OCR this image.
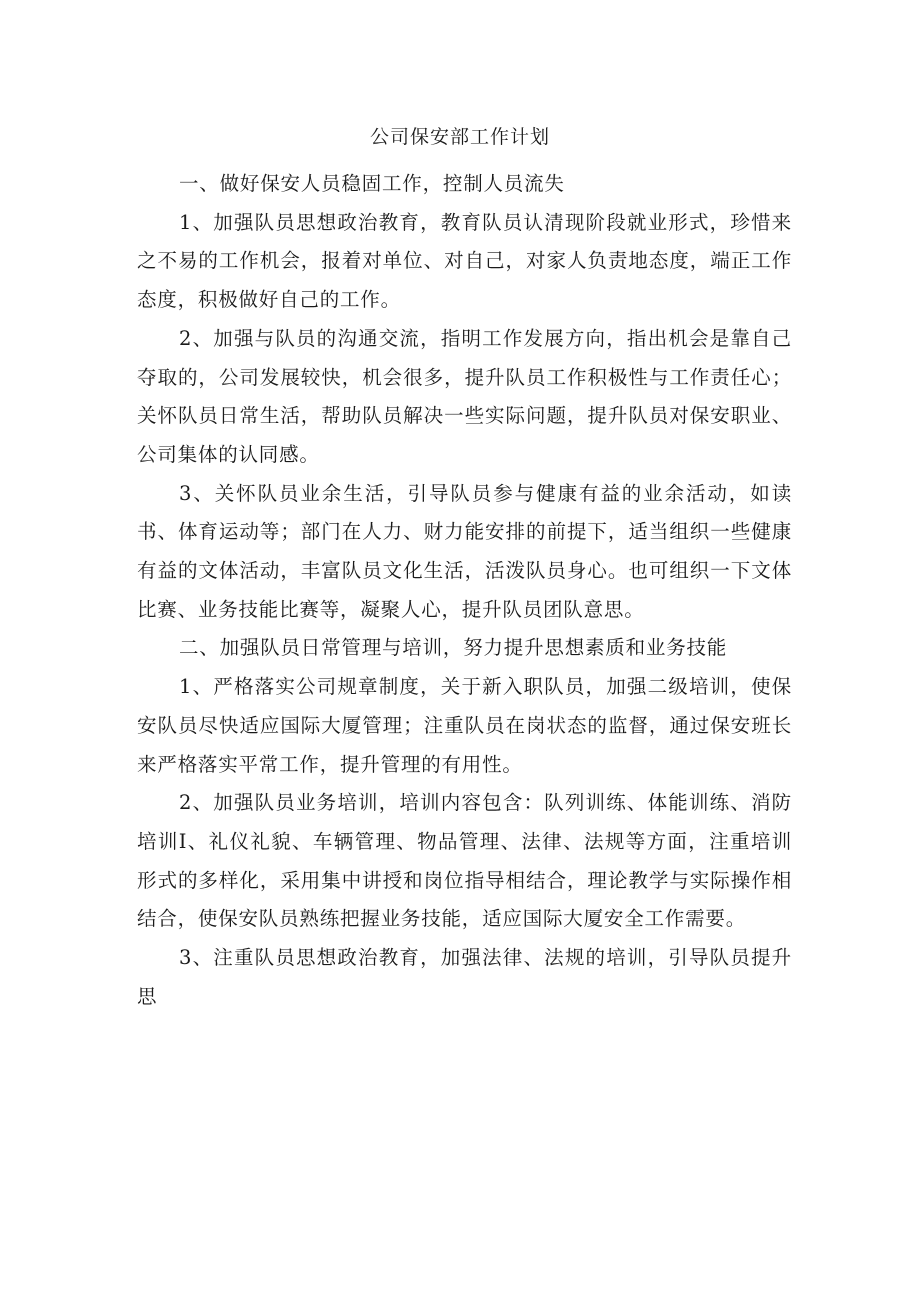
公司保安部工作计划

一、做好保安人员稳固工作，控制人员流失

1、加强队员思想政治教育，教育队员认清现阶段就业形式，珍惜来之不易的工作机会，报着对单位、对自己，对家人负责地态度，端正工作态度，积极做好自己的工作。

2、加强与队员的沟通交流，指明工作发展方向，指出机会是靠自己夺取的，公司发展较快，机会很多，提升队员工作积极性与工作责任心；关怀队员日常生活，帮助队员解决一些实际问题，提升队员对保安职业、公司集体的认同感。

3、关怀队员业余生活，引导队员参与健康有益的业余活动，如读书、体育运动等；部门在人力、财力能安排的前提下，适当组织一些健康有益的文体活动，丰富队员文化生活，活泼队员身心。也可组织一下文体比赛、业务技能比赛等，凝聚人心，提升队员团队意思。

二、加强队员日常管理与培训，努力提升思想素质和业务技能

1、严格落实公司规章制度，关于新入职队员，加强二级培训，使保安队员尽快适应国际大厦管理；注重队员在岗状态的监督，通过保安班长来严格落实平常工作，提升管理的有用性。

2、加强队员业务培训，培训内容包含：队列训练、体能训练、消防培训I、礼仪礼貌、车辆管理、物品管理、法律、法规等方面，注重培训形式的多样化，采用集中讲授和岗位指导相结合，理论教学与实际操作相结合，使保安队员熟练把握业务技能，适应国际大厦安全工作需要。

3、注重队员思想政治教育，加强法律、法规的培训，引导队员提升思
